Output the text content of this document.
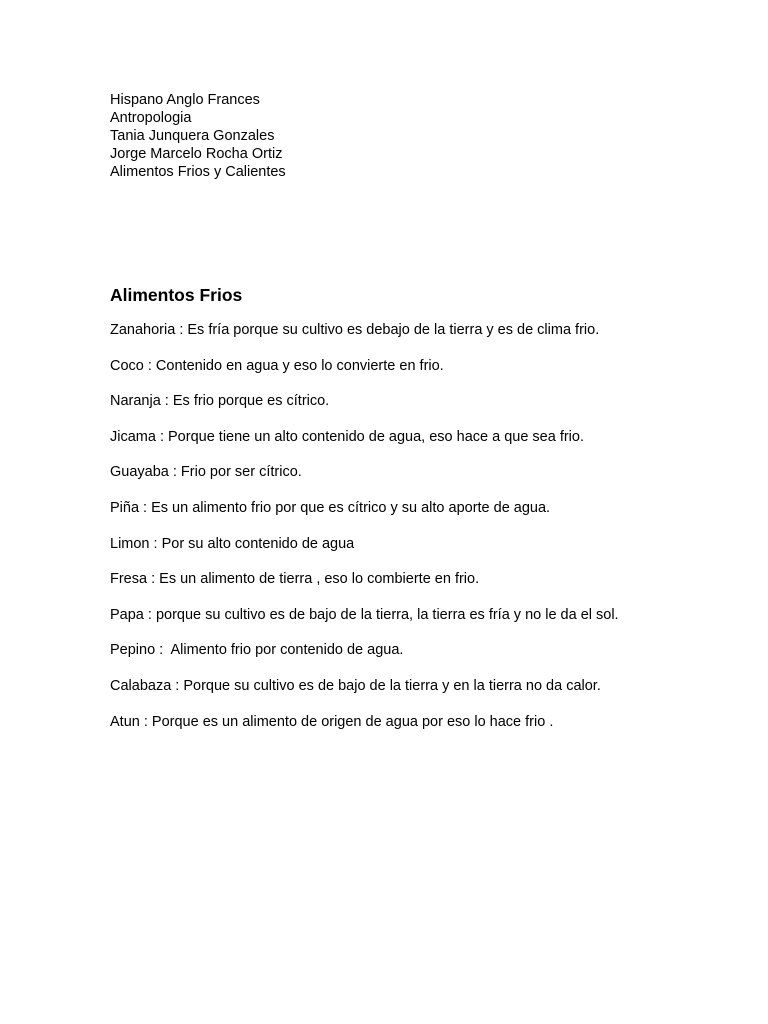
Hispano Anglo Frances
Antropologia
Tania Junquera Gonzales
Jorge Marcelo Rocha Ortiz
Alimentos Frios y Calientes
Alimentos Frios
Zanahoria : Es fría porque su cultivo es debajo de la tierra y es de clima frio.
Coco : Contenido en agua y eso lo convierte en frio.
Naranja : Es frio porque es cítrico.
Jicama : Porque tiene un alto contenido de agua, eso hace a que sea frio.
Guayaba : Frio por ser cítrico.
Piña : Es un alimento frio por que es cítrico y su alto aporte de agua.
Limon : Por su alto contenido de agua
Fresa : Es un alimento de tierra , eso lo combierte en frio.
Papa : porque su cultivo es de bajo de la tierra, la tierra es fría y no le da el sol.
Pepino :  Alimento frio por contenido de agua.
Calabaza : Porque su cultivo es de bajo de la tierra y en la tierra no da calor.
Atun : Porque es un alimento de origen de agua por eso lo hace frio .
